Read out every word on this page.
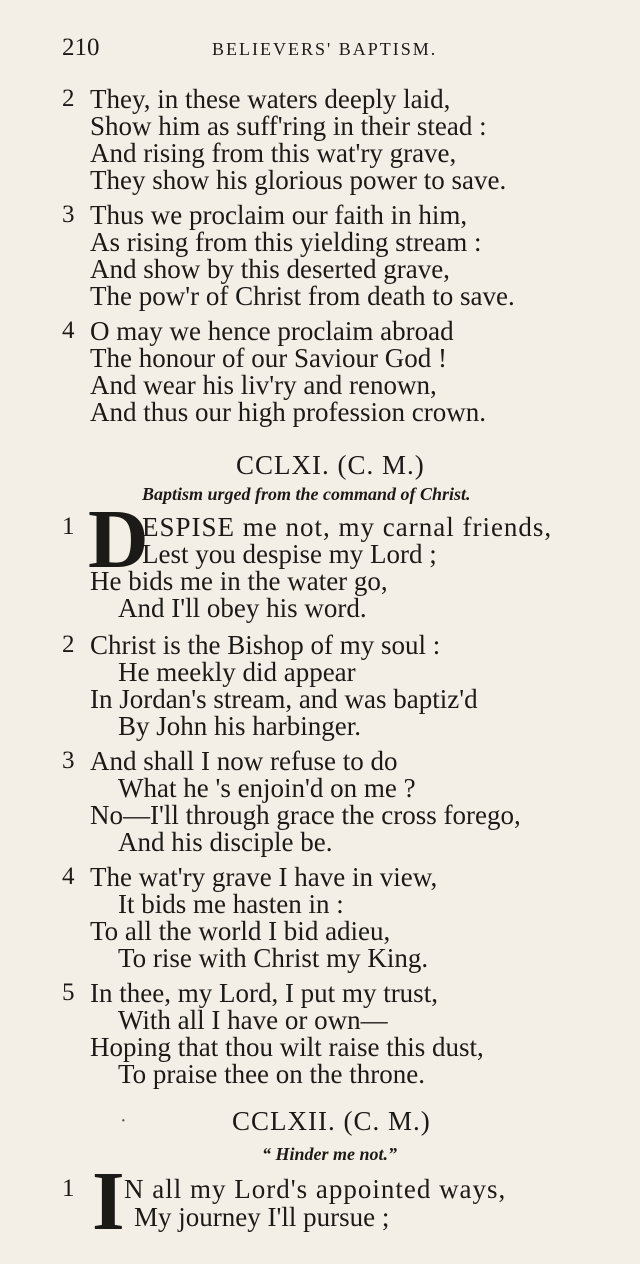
210	BELIEVERS' BAPTISM.
2 They, in these waters deeply laid,
Show him as suff'ring in their stead :
And rising from this wat'ry grave,
They show his glorious power to save.
3 Thus we proclaim our faith in him,
As rising from this yielding stream :
And show by this deserted grave,
The pow'r of Christ from death to save.
4 O may we hence proclaim abroad
The honour of our Saviour God !
And wear his liv'ry and renown,
And thus our high profession crown.
CCLXI. (C. M.)
Baptism urged from the command of Christ.
1 D
ESPISE me not, my carnal friends,
Lest you despise my Lord ;
He bids me in the water go,
And I'll obey his word.
2 Christ is the Bishop of my soul :
He meekly did appear
In Jordan's stream, and was baptiz'd
By John his harbinger.
3 And shall I now refuse to do
What he 's enjoin'd on me ?
No—I'll through grace the cross forego,
And his disciple be.
4 The wat'ry grave I have in view,
It bids me hasten in :
To all the world I bid adieu,
To rise with Christ my King.
5 In thee, my Lord, I put my trust,
With all I have or own—
Hoping that thou wilt raise this dust,
To praise thee on the throne.
·	CCLXII. (C. M.)
“ Hinder me not.”
1 I N all my Lord's appointed ways,
My journey I'll pursue ;
